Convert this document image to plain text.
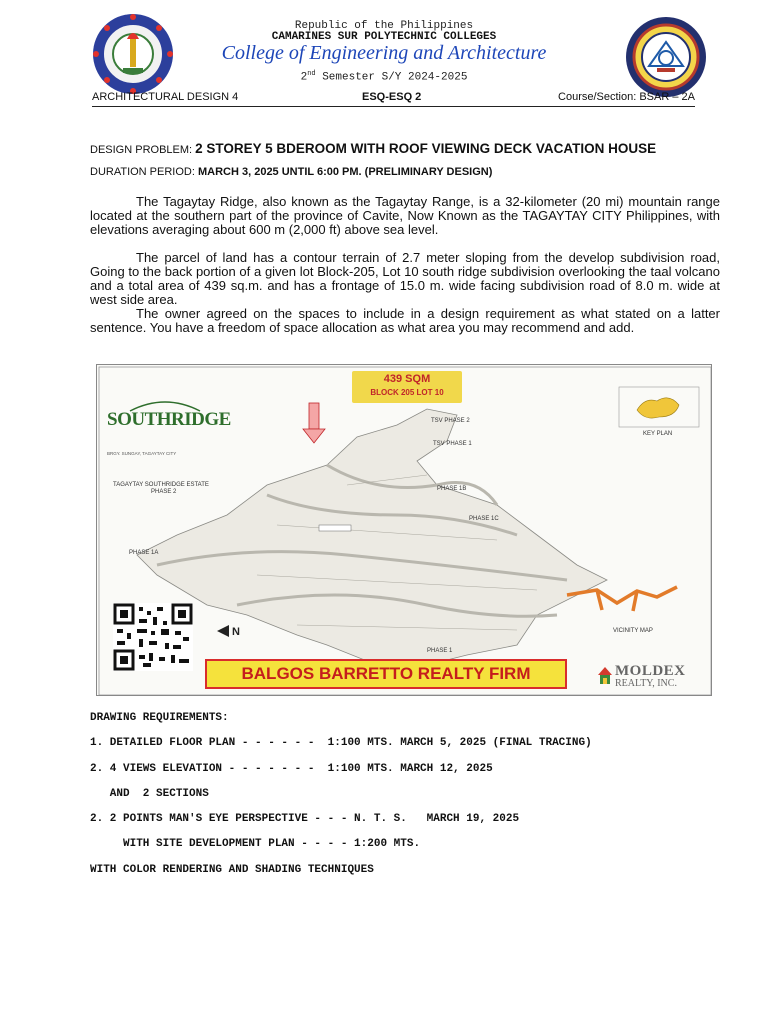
Republic of the Philippines
CAMARINES SUR POLYTECHNIC COLLEGES
College of Engineering and Architecture
2nd Semester S/Y 2024-2025
ARCHITECTURAL DESIGN 4	ESQ-ESQ 2	Course/Section: BSAR – 2A
DESIGN PROBLEM: 2 STOREY 5 BDEROOM WITH ROOF VIEWING DECK VACATION HOUSE
DURATION PERIOD: MARCH 3, 2025 UNTIL 6:00 PM. (PRELIMINARY DESIGN)
The Tagaytay Ridge, also known as the Tagaytay Range, is a 32-kilometer (20 mi) mountain range located at the southern part of the province of Cavite, Now Known as the TAGAYTAY CITY Philippines, with elevations averaging about 600 m (2,000 ft) above sea level.
The parcel of land has a contour terrain of 2.7 meter sloping from the develop subdivision road, Going to the back portion of a given lot Block-205, Lot 10 south ridge subdivision overlooking the taal volcano and a total area of 439 sq.m. and has a frontage of 15.0 m. wide facing subdivision road of 8.0 m. wide at west side area.
The owner agreed on the spaces to include in a design requirement as what stated on a latter sentence. You have a freedom of space allocation as what area you may recommend and add.
439 SQM
BLOCK 205 LOT 10
SOUTHRIDGE
BRGY. SUNGAY, TAGAYTAY CITY
TSV PHASE 2
TSV PHASE 1
TAGAYTAY SOUTHRIDGE ESTATE
PHASE 2	PHASE 1B
PHASE 1C
PHASE 1A
PHASE 1
KEY PLAN
VICINITY MAP
N
BALGOS BARRETTO REALTY FIRM	MOLDEX
REALTY, INC.
DRAWING REQUIREMENTS:
1. DETAILED FLOOR PLAN - - - - - -  1:100 MTS. MARCH 5, 2025 (FINAL TRACING)
2. 4 VIEWS ELEVATION - - - - - - -  1:100 MTS. MARCH 12, 2025
AND  2 SECTIONS
2. 2 POINTS MAN'S EYE PERSPECTIVE - - - N. T. S.   MARCH 19, 2025
WITH SITE DEVELOPMENT PLAN - - - - 1:200 MTS.
WITH COLOR RENDERING AND SHADING TECHNIQUES
